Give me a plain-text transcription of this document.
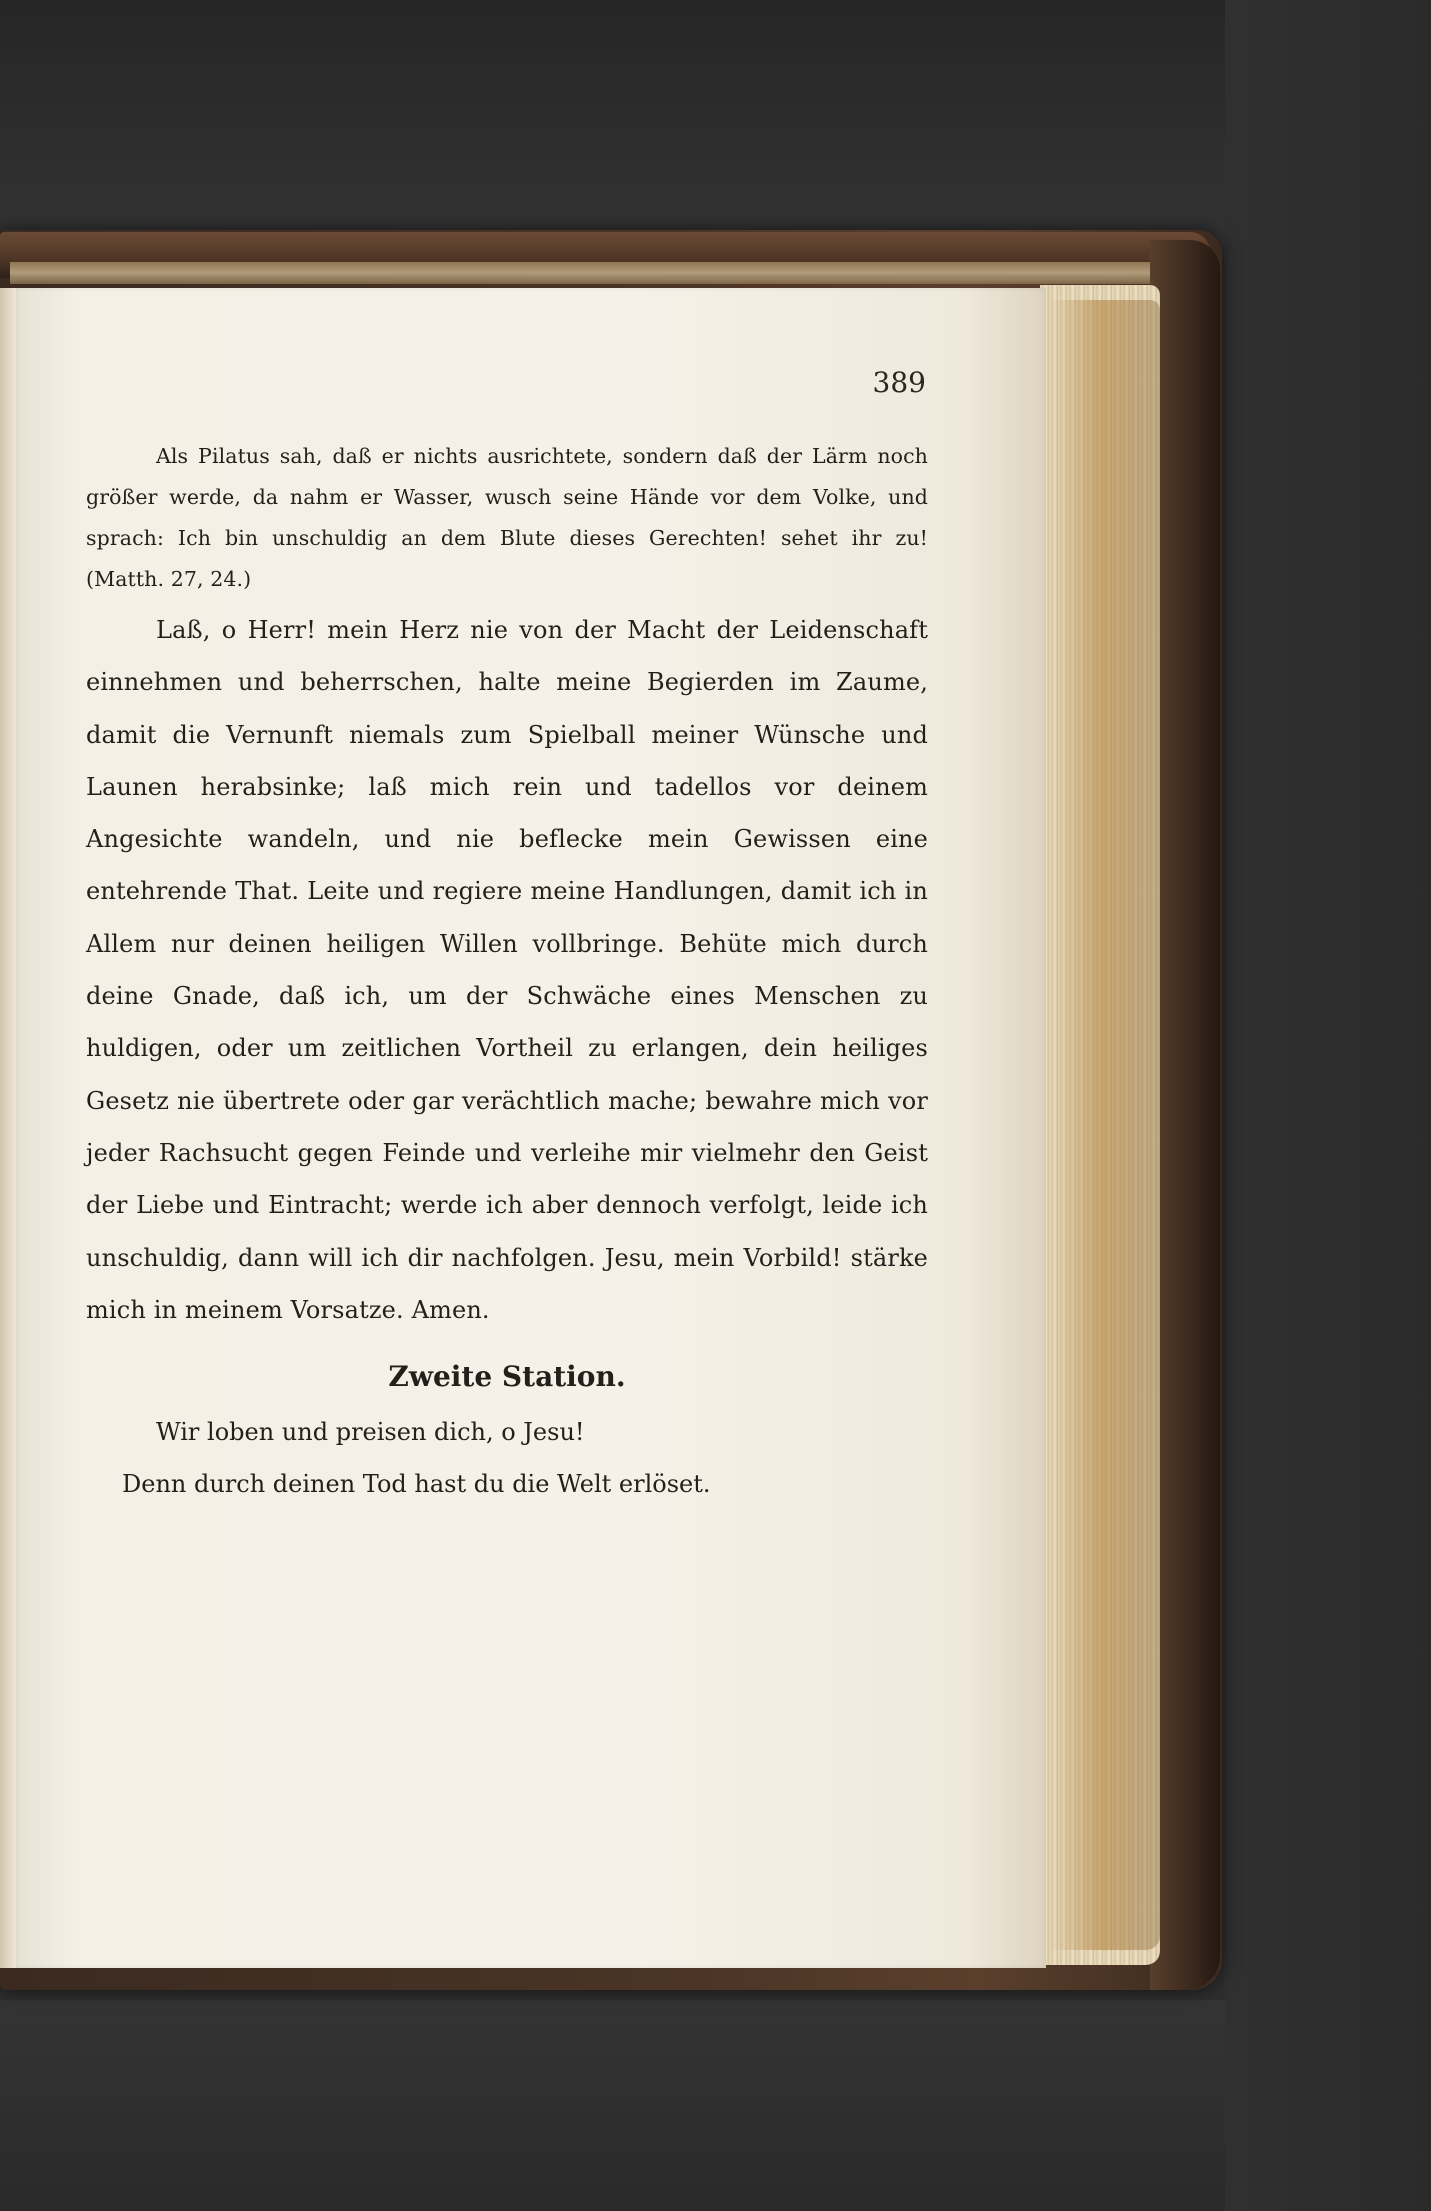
389

Als Pilatus sah, daß er nichts ausrichtete, sondern daß der Lärm noch größer werde, da nahm er Wasser, wusch seine Hände vor dem Volke, und sprach: Ich bin unschuldig an dem Blute dieses Gerechten! sehet ihr zu! (Matth. 27, 24.)

Laß, o Herr! mein Herz nie von der Macht der Leidenschaft einnehmen und beherrschen, halte meine Begierden im Zaume, damit die Vernunft niemals zum Spielball meiner Wünsche und Launen herabsinke; laß mich rein und tadellos vor deinem Angesichte wandeln, und nie beflecke mein Gewissen eine entehrende That. Leite und regiere meine Handlungen, damit ich in Allem nur deinen heiligen Willen vollbringe. Behüte mich durch deine Gnade, daß ich, um der Schwäche eines Menschen zu huldigen, oder um zeitlichen Vortheil zu erlangen, dein heiliges Gesetz nie übertrete oder gar verächtlich mache; bewahre mich vor jeder Rachsucht gegen Feinde und verleihe mir vielmehr den Geist der Liebe und Eintracht; werde ich aber dennoch verfolgt, leide ich unschuldig, dann will ich dir nachfolgen. Jesu, mein Vorbild! stärke mich in meinem Vorsatze. Amen.

Zweite Station.

Wir loben und preisen dich, o Jesu!

Denn durch deinen Tod hast du die Welt erlöset.
